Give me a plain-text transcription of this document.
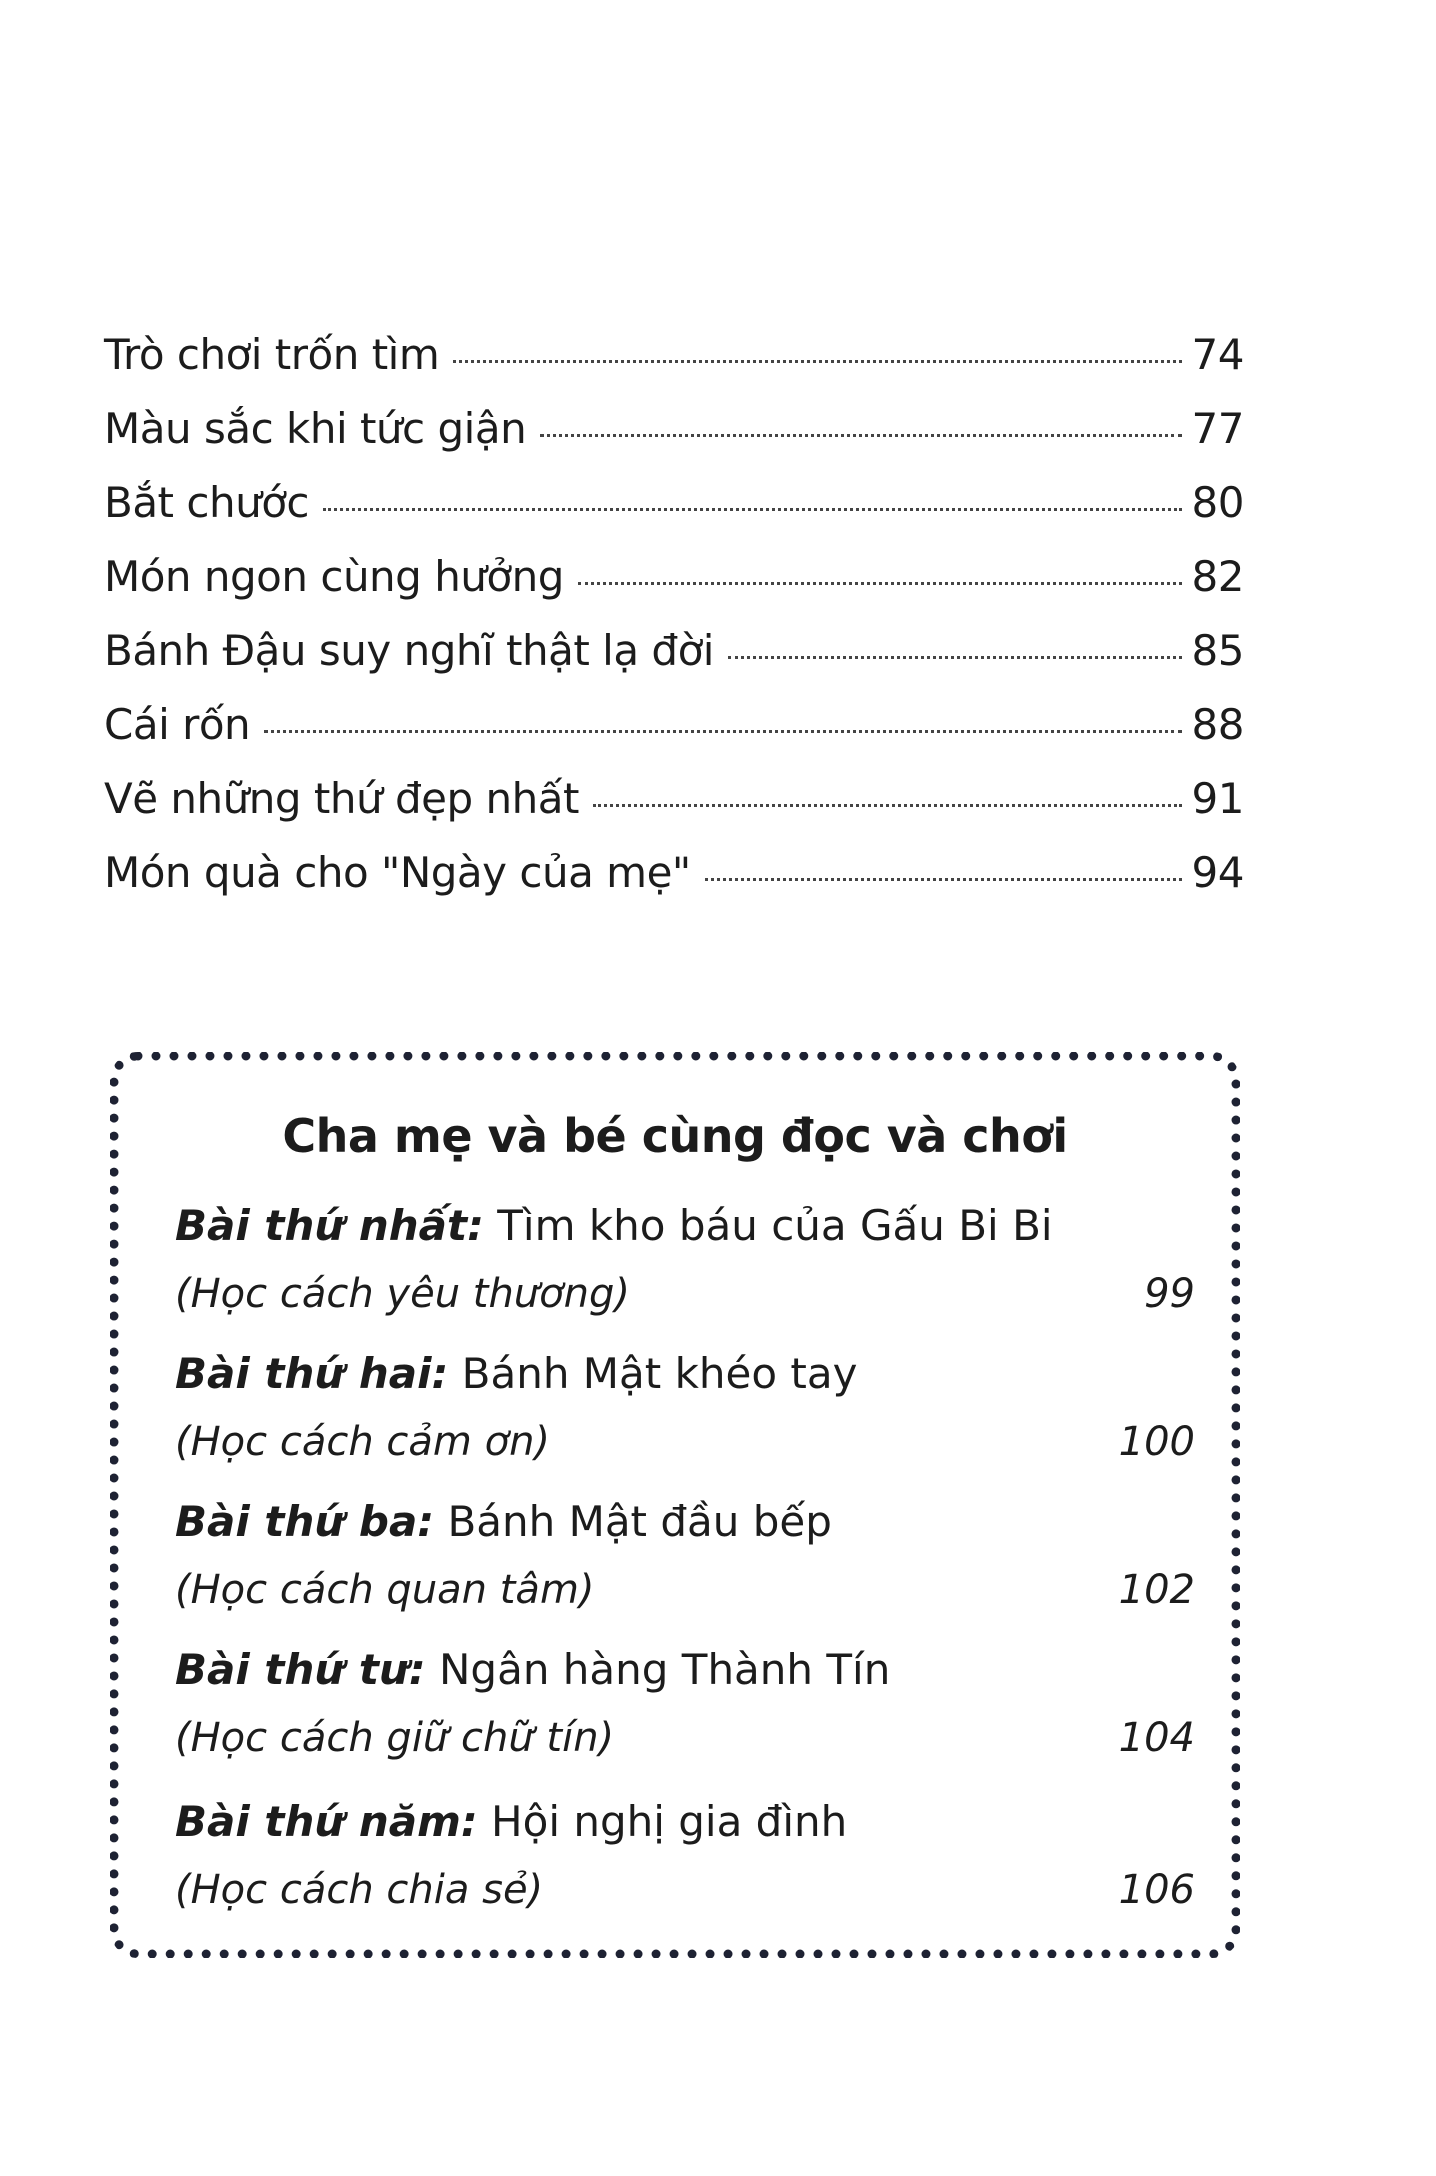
Trò chơi trốn tìm	74
Màu sắc khi tức giận	77
Bắt chước	80
Món ngon cùng hưởng	82
Bánh Đậu suy nghĩ thật lạ đời	85
Cái rốn	88
Vẽ những thứ đẹp nhất	91
Món quà cho "Ngày của mẹ"	94
Cha mẹ và bé cùng đọc và chơi
Bài thứ nhất: Tìm kho báu của Gấu Bi Bi
(Học cách yêu thương)	99
Bài thứ hai: Bánh Mật khéo tay
(Học cách cảm ơn)	100
Bài thứ ba: Bánh Mật đầu bếp
(Học cách quan tâm)	102
Bài thứ tư: Ngân hàng Thành Tín
(Học cách giữ chữ tín)	104
Bài thứ năm: Hội nghị gia đình
(Học cách chia sẻ)	106
